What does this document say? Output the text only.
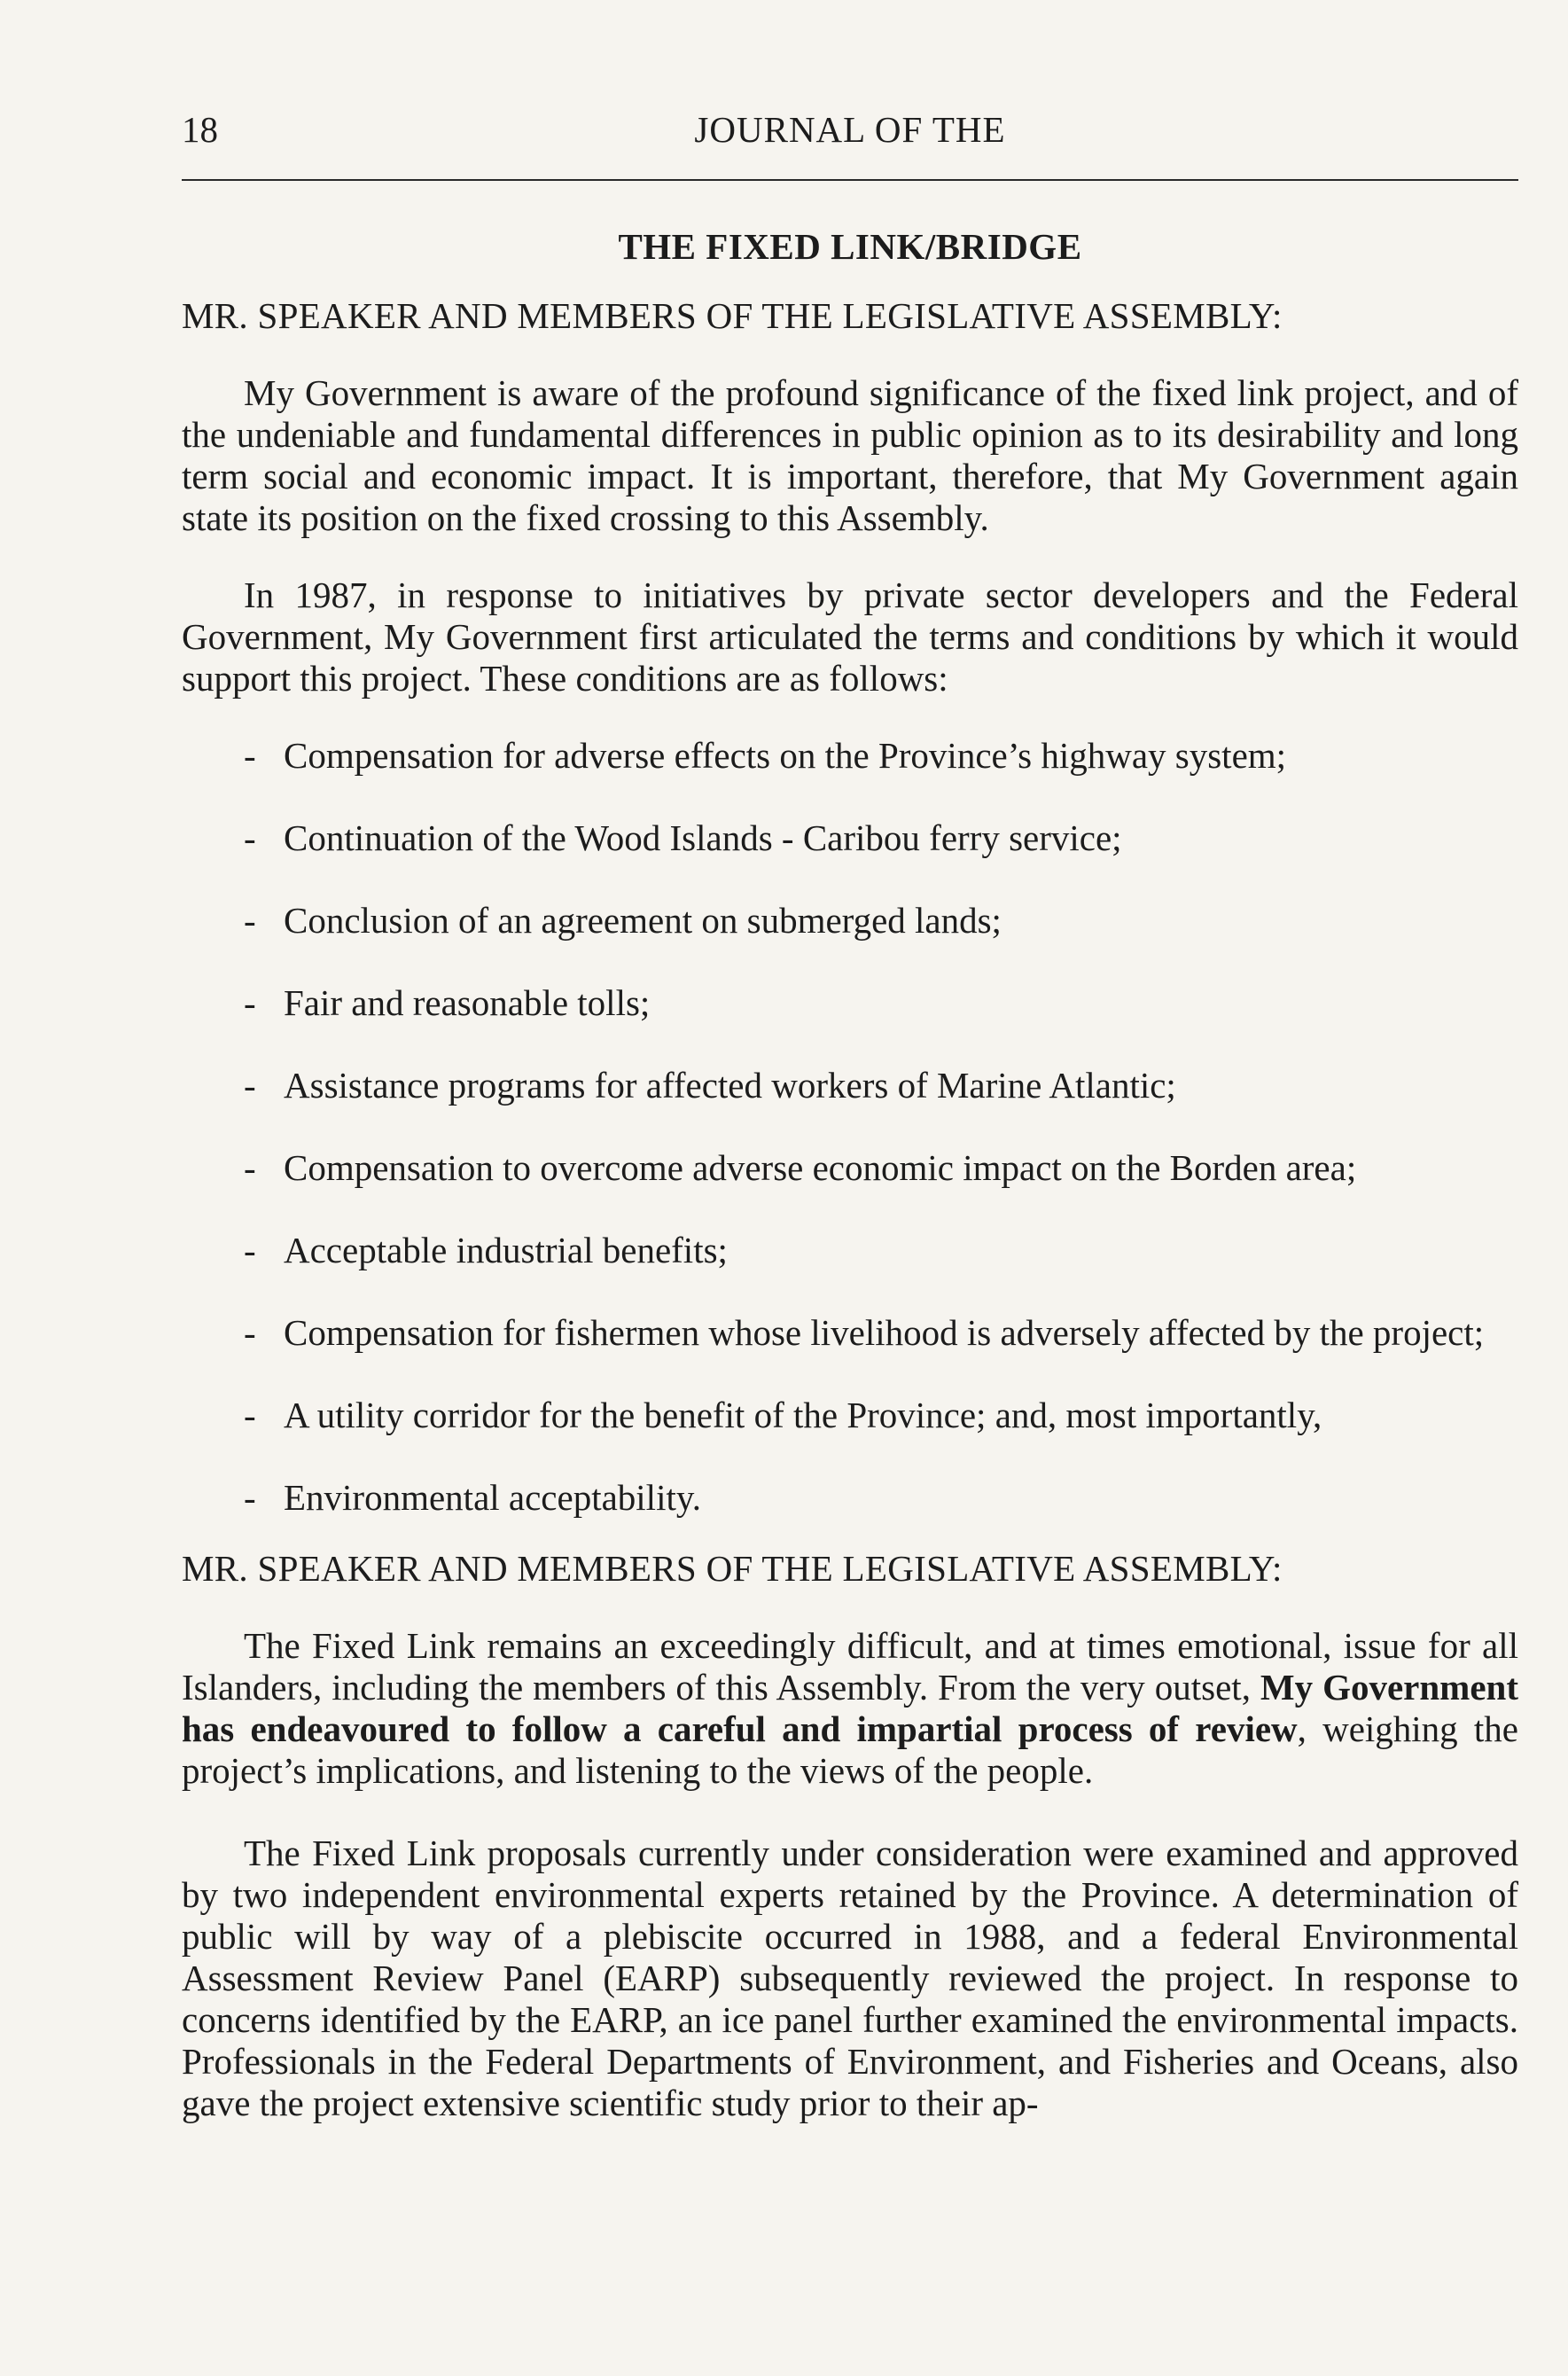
18	JOURNAL OF THE
THE FIXED LINK/BRIDGE
MR. SPEAKER AND MEMBERS OF THE LEGISLATIVE ASSEMBLY:

My Government is aware of the profound significance of the fixed link project, and of the undeniable and fundamental differences in public opinion as to its desirability and long term social and economic impact. It is important, therefore, that My Government again state its position on the fixed crossing to this Assembly.

In 1987, in response to initiatives by private sector developers and the Federal Government, My Government first articulated the terms and conditions by which it would support this project. These conditions are as follows:

- Compensation for adverse effects on the Province’s highway system;
- Continuation of the Wood Islands - Caribou ferry service;
- Conclusion of an agreement on submerged lands;
- Fair and reasonable tolls;
- Assistance programs for affected workers of Marine Atlantic;
- Compensation to overcome adverse economic impact on the Borden area;
- Acceptable industrial benefits;
- Compensation for fishermen whose livelihood is adversely affected by the project;
- A utility corridor for the benefit of the Province; and, most importantly,
- Environmental acceptability.
MR. SPEAKER AND MEMBERS OF THE LEGISLATIVE ASSEMBLY:

The Fixed Link remains an exceedingly difficult, and at times emotional, issue for all Islanders, including the members of this Assembly. From the very outset, My Government has endeavoured to follow a careful and impartial process of review, weighing the project’s implications, and listening to the views of the people.

The Fixed Link proposals currently under consideration were examined and approved by two independent environmental experts retained by the Province. A determination of public will by way of a plebiscite occurred in 1988, and a federal Environmental Assessment Review Panel (EARP) subsequently reviewed the project. In response to concerns identified by the EARP, an ice panel further examined the environmental impacts. Professionals in the Federal Departments of Environment, and Fisheries and Oceans, also gave the project extensive scientific study prior to their ap-
